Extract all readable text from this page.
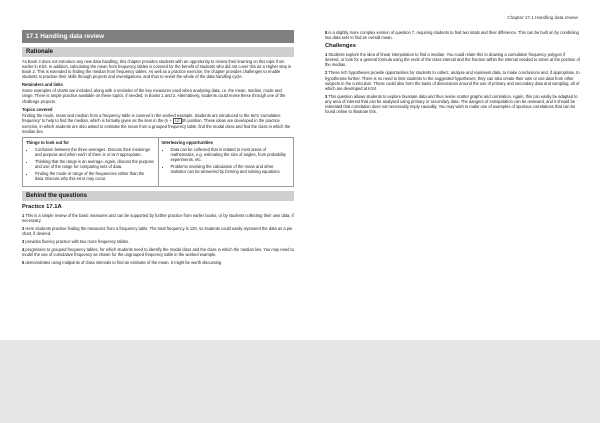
Chapter 17.1 Handling data review
17.1 Handling data review
Rationale

As Book 3 does not introduce any new data handling, this chapter provides students with an opportunity to review their learning on this topic from earlier in KS3. In addition, calculating the mean from frequency tables is covered for the benefit of students who did not cover this as a Higher step in Book 2. This is extended to finding the median from frequency tables. As well as a practice exercise, the chapter provides challenges to enable students to practise their skills through projects and investigations, and thus to revisit the whole of the data handling cycle.

Reminders and links

Some examples of charts are included, along with a reminder of the key measures used when analysing data, i.e. the mean, median, mode and range. There is ample practice available on these topics, if needed, in Books 1 and 2. Alternatively, students could revise these through one of the challenge projects.

Topics covered

Finding the mode, mean and median from a frequency table is covered in the worked example. Students are introduced to the term ‘cumulative frequency’ to help to find the median, which is formally given as the item in the (n + 1/2 )th position. These ideas are developed in the practice exercise, in which students are also asked to estimate the mean from a grouped frequency table, find the modal class and find the class in which the median lies.

Things to look out for
• Confusion between the three averages. Discuss their meanings and purpose and when each of them is or isn’t appropriate.
• Thinking that the range is an average. Again, discuss the purpose and use of the range for comparing sets of data.
• Finding the mode or range of the frequencies rather than the data. Discuss why this error may occur.
Interleaving opportunities
• Data can be collected that is related to most areas of mathematics, e.g. estimating the size of angles, from probability experiments, etc.
• Problems involving the calculation of the mean and other statistics can be answered by forming and solving equations.
Behind the questions
Practice 17.1A

1 This is a simple review of the basic measures and can be supported by further practice from earlier books, or by students collecting their own data, if necessary.

2 Here students practise finding the measures from a frequency table. The total frequency is 120, so students could easily represent the data as a pie chart, if desired.

3 provides fluency practice with two more frequency tables.

4 progresses to grouped frequency tables, for which students need to identify the modal class and the class in which the median lies. You may need to model the use of cumulative frequency as shown for the ungrouped frequency table in the worked example.

5 demonstrates using midpoints of class intervals to find an estimate of the mean. It might be worth discussing

8 is a slightly more complex version of question 7, requiring students to find two totals and their difference. This can be built on by combining two data sets to find an overall mean.

Challenges

1 Students explore the idea of linear interpolation to find a median. You could relate this to drawing a cumulative frequency polygon if desired, or look for a general formula using the ends of the class interval and the fraction within the interval needed to arrive at the position of the median.

2 These rich hypotheses provide opportunities for students to collect, analyse and represent data, to make conclusions and, if appropriate, to hypothesise further. There is no need to limit students to the suggested hypotheses; they can also create their own or use data from other subjects in the curriculum. These could also form the basis of discussions around the use of primary and secondary data and sampling, all of which are developed at KS4.

3 This question allows students to explore bivariate data and thus revise scatter graphs and correlation. Again, this can easily be adapted to any area of interest that can be analysed using primary or secondary data. The dangers of extrapolation can be reviewed, and it should be reiterated that correlation does not necessarily imply causality. You may wish to make use of examples of spurious correlations that can be found online to illustrate this.
